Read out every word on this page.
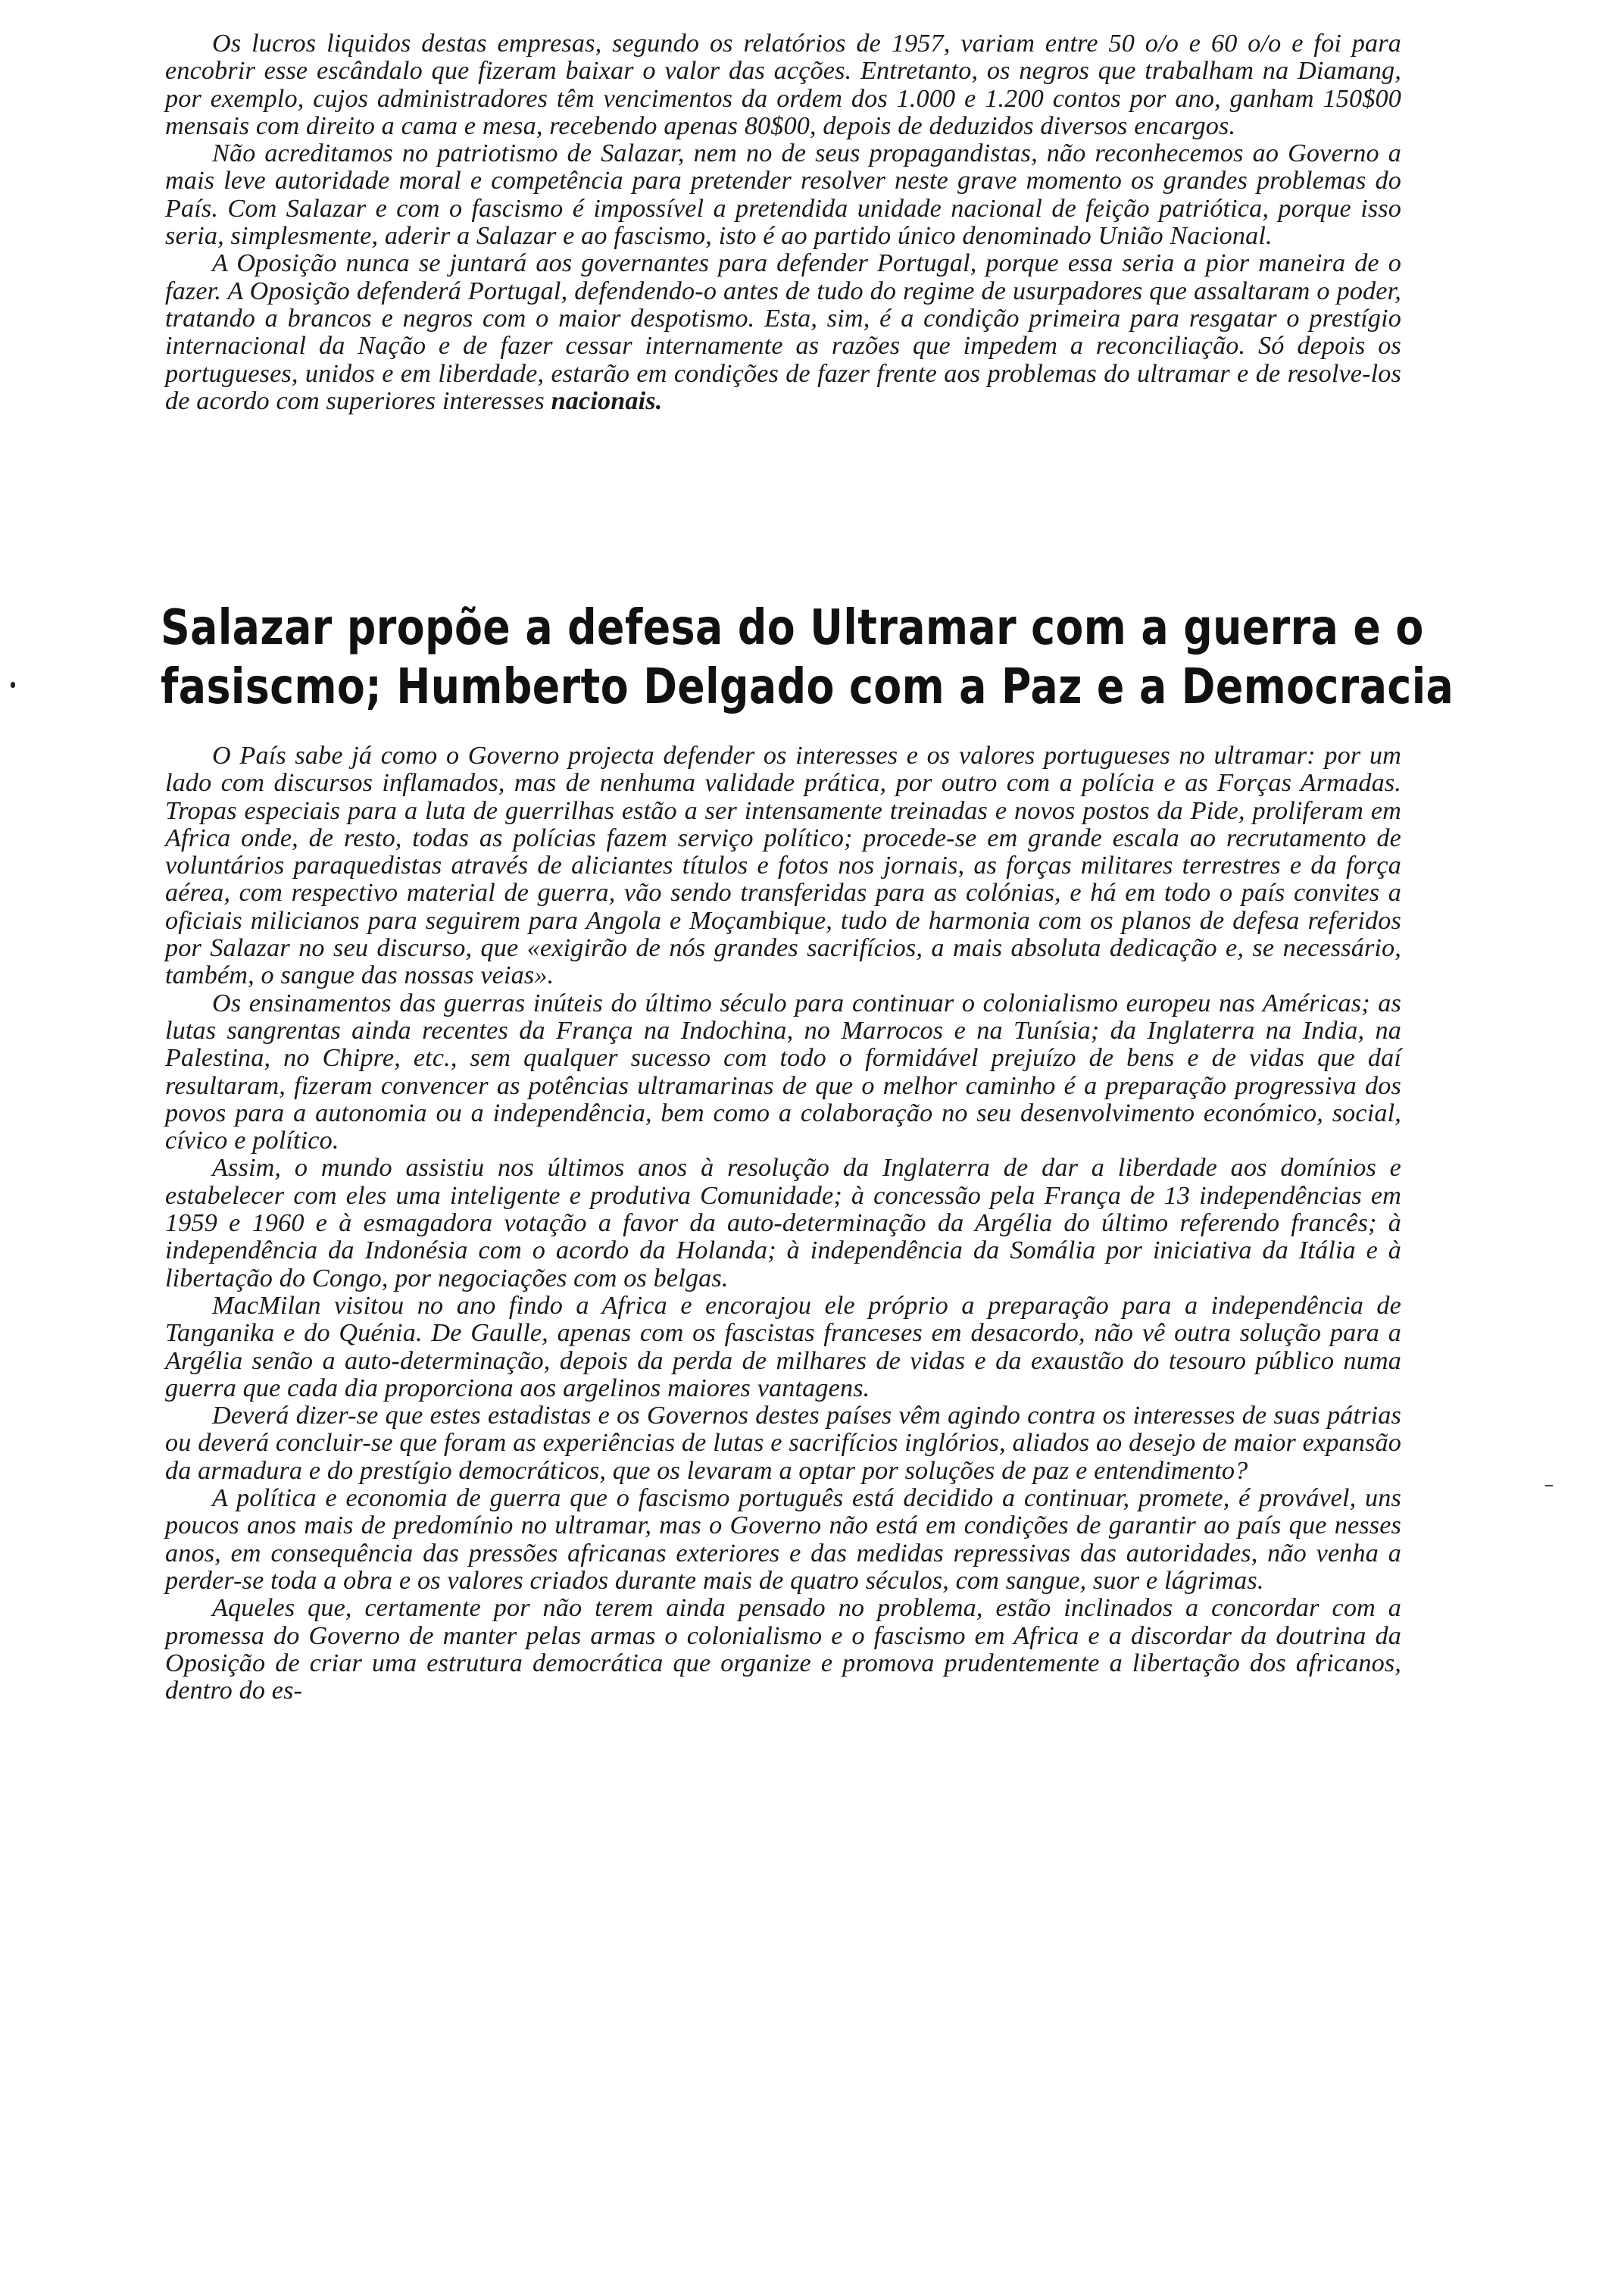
Os lucros liquidos destas empresas, segundo os relatórios de 1957, variam entre 50 o/o e 60 o/o e foi para encobrir esse escândalo que fizeram baixar o valor das acções. Entretanto, os negros que trabalham na Diamang, por exemplo, cujos administradores têm vencimentos da ordem dos 1.000 e 1.200 contos por ano, ganham 150$00 mensais com direito a cama e mesa, recebendo apenas 80$00, depois de deduzidos diversos encargos.

Não acreditamos no patriotismo de Salazar, nem no de seus propagandistas, não reconhecemos ao Governo a mais leve autoridade moral e competência para pretender resolver neste grave momento os grandes problemas do País. Com Salazar e com o fascismo é impossível a pretendida unidade nacional de feição patriótica, porque isso seria, simplesmente, aderir a Salazar e ao fascismo, isto é ao partido único denominado União Nacional.

A Oposição nunca se juntará aos governantes para defender Portugal, porque essa seria a pior maneira de o fazer. A Oposição defenderá Portugal, defendendo-o antes de tudo do regime de usurpadores que assaltaram o poder, tratando a brancos e negros com o maior despotismo. Esta, sim, é a condição primeira para resgatar o prestígio internacional da Nação e de fazer cessar internamente as razões que impedem a reconciliação. Só depois os portugueses, unidos e em liberdade, estarão em condições de fazer frente aos problemas do ultramar e de resolve-los de acordo com superiores interesses nacionais.

Salazar propõe a defesa do Ultramar com a guerra e o
fasiscmo; Humberto Delgado com a Paz e a Democracia

O País sabe já como o Governo projecta defender os interesses e os valores portugueses no ultramar: por um lado com discursos inflamados, mas de nenhuma validade prática, por outro com a polícia e as Forças Armadas. Tropas especiais para a luta de guerrilhas estão a ser intensamente treinadas e novos postos da Pide, proliferam em Africa onde, de resto, todas as polícias fazem serviço político; procede-se em grande escala ao recrutamento de voluntários paraquedistas através de aliciantes títulos e fotos nos jornais, as forças militares terrestres e da força aérea, com respectivo material de guerra, vão sendo transferidas para as colónias, e há em todo o país convites a oficiais milicianos para seguirem para Angola e Moçambique, tudo de harmonia com os planos de defesa referidos por Salazar no seu discurso, que «exigirão de nós grandes sacrifícios, a mais absoluta dedicação e, se necessário, também, o sangue das nossas veias».

Os ensinamentos das guerras inúteis do último século para continuar o colonialismo europeu nas Américas; as lutas sangrentas ainda recentes da França na Indochina, no Marrocos e na Tunísia; da Inglaterra na India, na Palestina, no Chipre, etc., sem qualquer sucesso com todo o formidável prejuízo de bens e de vidas que daí resultaram, fizeram convencer as potências ultramarinas de que o melhor caminho é a preparação progressiva dos povos para a autonomia ou a independência, bem como a colaboração no seu desenvolvimento económico, social, cívico e político.

Assim, o mundo assistiu nos últimos anos à resolução da Inglaterra de dar a liberdade aos domínios e estabelecer com eles uma inteligente e produtiva Comunidade; à concessão pela França de 13 independências em 1959 e 1960 e à esmagadora votação a favor da auto-determinação da Argélia do último referendo francês; à independência da Indonésia com o acordo da Holanda; à independência da Somália por iniciativa da Itália e à libertação do Congo, por negociações com os belgas.

MacMilan visitou no ano findo a Africa e encorajou ele próprio a preparação para a independência de Tanganika e do Quénia. De Gaulle, apenas com os fascistas franceses em desacordo, não vê outra solução para a Argélia senão a auto-determinação, depois da perda de milhares de vidas e da exaustão do tesouro público numa guerra que cada dia proporciona aos argelinos maiores vantagens.

Deverá dizer-se que estes estadistas e os Governos destes países vêm agindo contra os interesses de suas pátrias ou deverá concluir-se que foram as experiências de lutas e sacrifícios inglórios, aliados ao desejo de maior expansão da armadura e do prestígio democráticos, que os levaram a optar por soluções de paz e entendimento?

A política e economia de guerra que o fascismo português está decidido a continuar, promete, é provável, uns poucos anos mais de predomínio no ultramar, mas o Governo não está em condições de garantir ao país que nesses anos, em consequência das pressões africanas exteriores e das medidas repressivas das autoridades, não venha a perder-se toda a obra e os valores criados durante mais de quatro séculos, com sangue, suor e lágrimas.

Aqueles que, certamente por não terem ainda pensado no problema, estão inclinados a concordar com a promessa do Governo de manter pelas armas o colonialismo e o fascismo em Africa e a discordar da doutrina da Oposição de criar uma estrutura democrática que organize e promova prudentemente a libertação dos africanos, dentro do es-
